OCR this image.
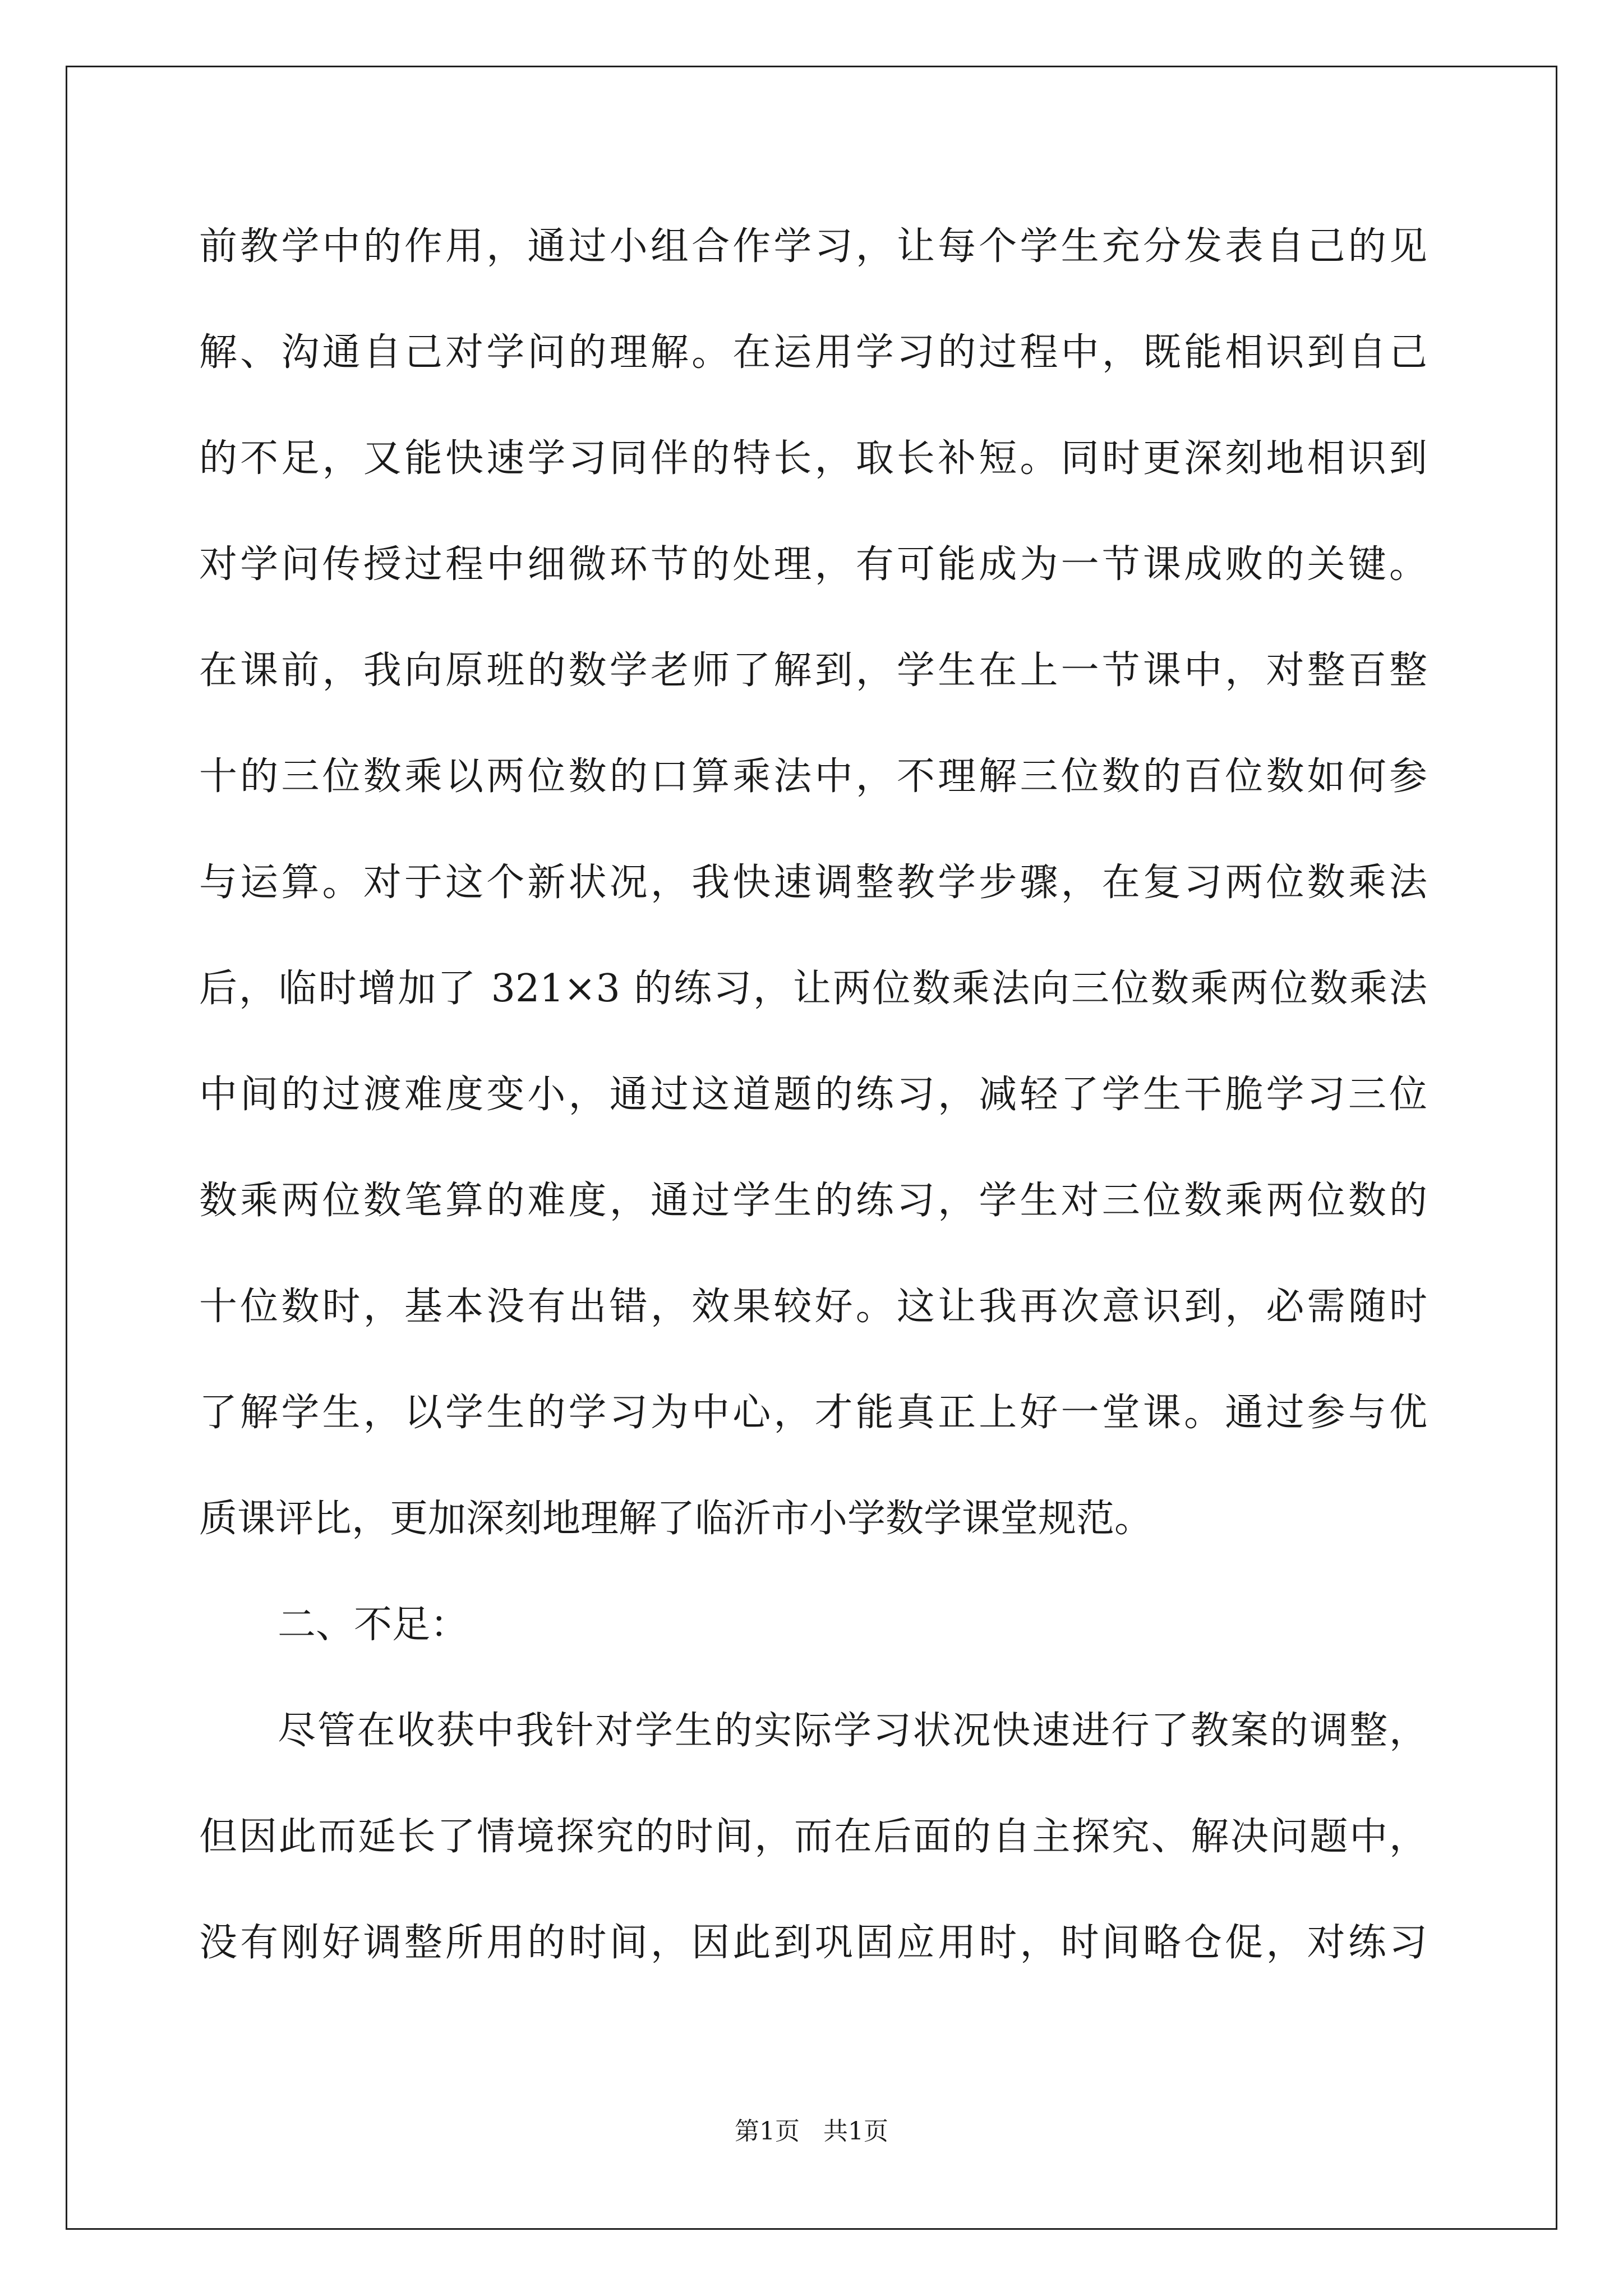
前教学中的作用，通过小组合作学习，让每个学生充分发表自己的见
解、沟通自己对学问的理解。在运用学习的过程中，既能相识到自己
的不足，又能快速学习同伴的特长，取长补短。同时更深刻地相识到
对学问传授过程中细微环节的处理，有可能成为一节课成败的关键。
在课前，我向原班的数学老师了解到，学生在上一节课中，对整百整
十的三位数乘以两位数的口算乘法中，不理解三位数的百位数如何参
与运算。对于这个新状况，我快速调整教学步骤，在复习两位数乘法
后，临时增加了 321×3 的练习，让两位数乘法向三位数乘两位数乘法
中间的过渡难度变小，通过这道题的练习，减轻了学生干脆学习三位
数乘两位数笔算的难度，通过学生的练习，学生对三位数乘两位数的
十位数时，基本没有出错，效果较好。这让我再次意识到，必需随时
了解学生，以学生的学习为中心，才能真正上好一堂课。通过参与优
质课评比，更加深刻地理解了临沂市小学数学课堂规范。
二、不足：
尽管在收获中我针对学生的实际学习状况快速进行了教案的调整，
但因此而延长了情境探究的时间，而在后面的自主探究、解决问题中，
没有刚好调整所用的时间，因此到巩固应用时，时间略仓促，对练习
第1页   共1页
